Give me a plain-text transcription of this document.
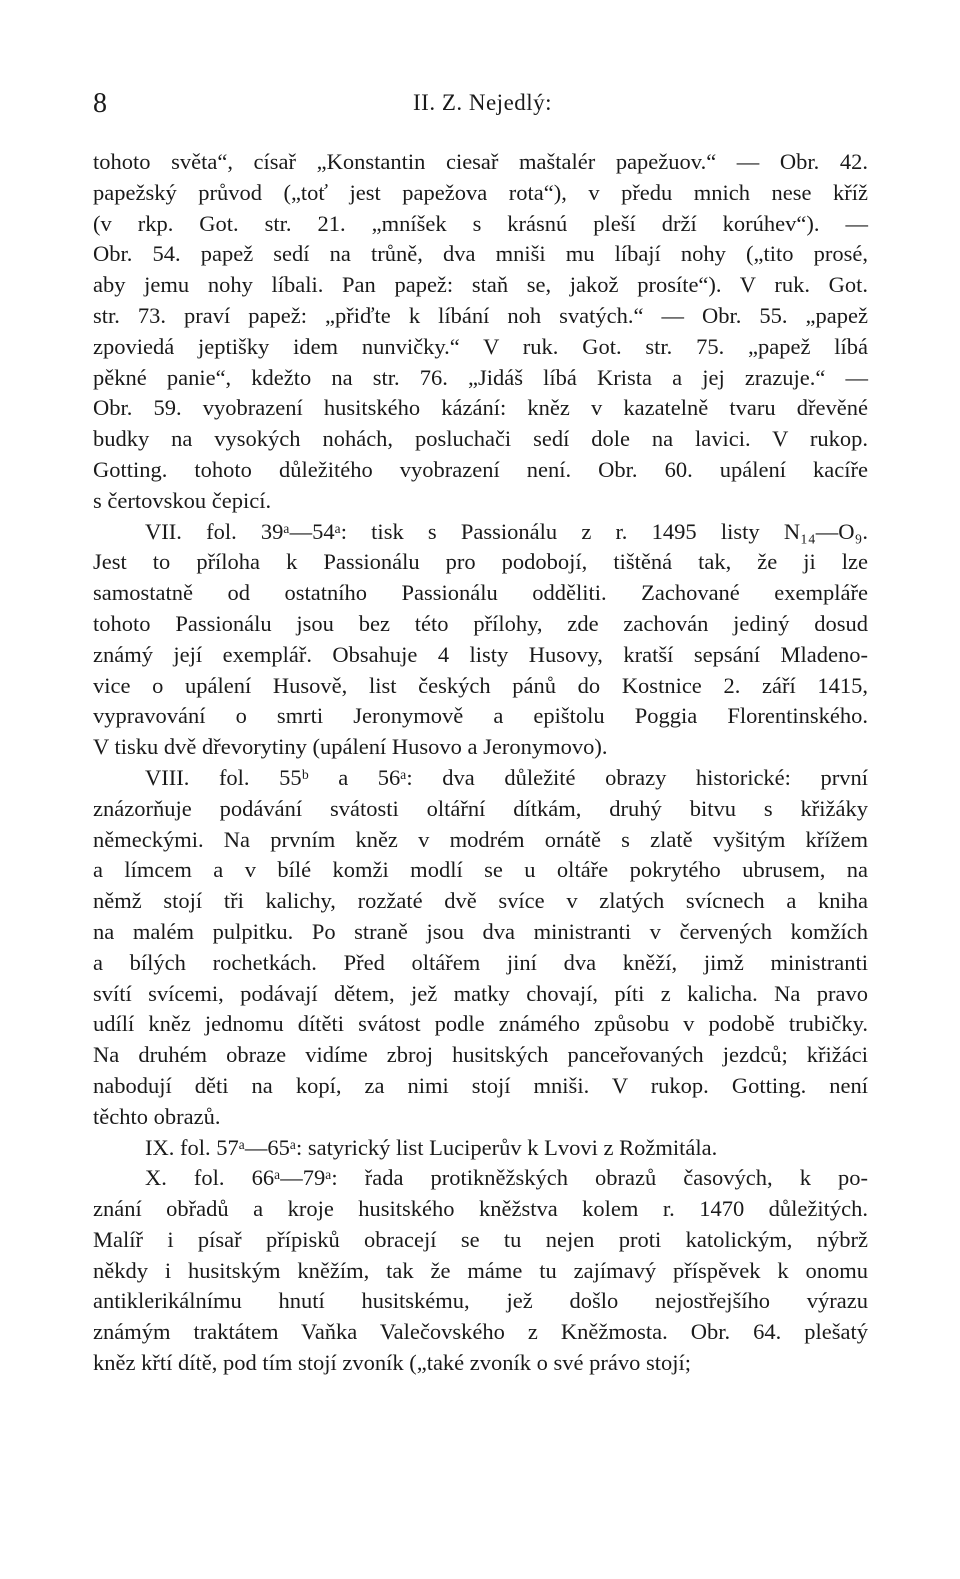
8	II. Z. Nejedlý:
tohoto světa“, císař „Konstantin ciesař maštalér papežuov.“ — Obr. 42.
papežský průvod („toť jest papežova rota“), v předu mnich nese kříž
(v rkp. Got. str. 21. „mníšek s krásnú pleší drží korúhev“). —
Obr. 54. papež sedí na trůně, dva mniši mu líbají nohy („tito prosé,
aby jemu nohy líbali. Pan papež: staň se, jakož prosíte“). V ruk. Got.
str. 73. praví papež: „přiďte k líbání noh svatých.“ — Obr. 55. „papež
zpoviedá jeptišky idem nunvičky.“ V ruk. Got. str. 75. „papež líbá
pěkné panie“, kdežto na str. 76. „Jidáš líbá Krista a jej zrazuje.“ —
Obr. 59. vyobrazení husitského kázání: kněz v kazatelně tvaru dřevěné
budky na vysokých nohách, posluchači sedí dole na lavici. V rukop.
Gotting. tohoto důležitého vyobrazení není. Obr. 60. upálení kacíře
s čertovskou čepicí.
VII. fol. 39ᵃ—54ᵃ: tisk s Passionálu z r. 1495 listy N₁₄—O₉.
Jest to příloha k Passionálu pro podobojí, tištěná tak, že ji lze
samostatně od ostatního Passionálu odděliti. Zachované exempláře
tohoto Passionálu jsou bez této přílohy, zde zachován jediný dosud
známý její exemplář. Obsahuje 4 listy Husovy, kratší sepsání Mladeno-
vice o upálení Husově, list českých pánů do Kostnice 2. září 1415,
vypravování o smrti Jeronymově a epištolu Poggia Florentinského.
V tisku dvě dřevorytiny (upálení Husovo a Jeronymovo).
VIII. fol. 55ᵇ a 56ᵃ: dva důležité obrazy historické: první
znázorňuje podávání svátosti oltářní dítkám, druhý bitvu s křižáky
německými. Na prvním kněz v modrém ornátě s zlatě vyšitým křížem
a límcem a v bílé komži modlí se u oltáře pokrytého ubrusem, na
němž stojí tři kalichy, rozžaté dvě svíce v zlatých svícnech a kniha
na malém pulpitku. Po straně jsou dva ministranti v červených komžích
a bílých rochetkách. Před oltářem jiní dva kněží, jimž ministranti
svítí svícemi, podávají dětem, jež matky chovají, píti z kalicha. Na pravo
udílí kněz jednomu dítěti svátost podle známého způsobu v podobě trubičky.
Na druhém obraze vidíme zbroj husitských panceřovaných jezdců; křižáci
nabodují děti na kopí, za nimi stojí mniši. V rukop. Gotting. není
těchto obrazů.
IX. fol. 57ᵃ—65ᵃ: satyrický list Luciperův k Lvovi z Rožmitála.
X. fol. 66ᵃ—79ᵃ: řada protikněžských obrazů časových, k po-
znání obřadů a kroje husitského kněžstva kolem r. 1470 důležitých.
Malíř i písař přípisků obracejí se tu nejen proti katolickým, nýbrž
někdy i husitským kněžím, tak že máme tu zajímavý příspěvek k onomu
antiklerikálnímu hnutí husitskému, jež došlo nejostřejšího výrazu
známým traktátem Vaňka Valečovského z Kněžmosta. Obr. 64. plešatý
kněz křtí dítě, pod tím stojí zvoník („také zvoník o své právo stojí;
